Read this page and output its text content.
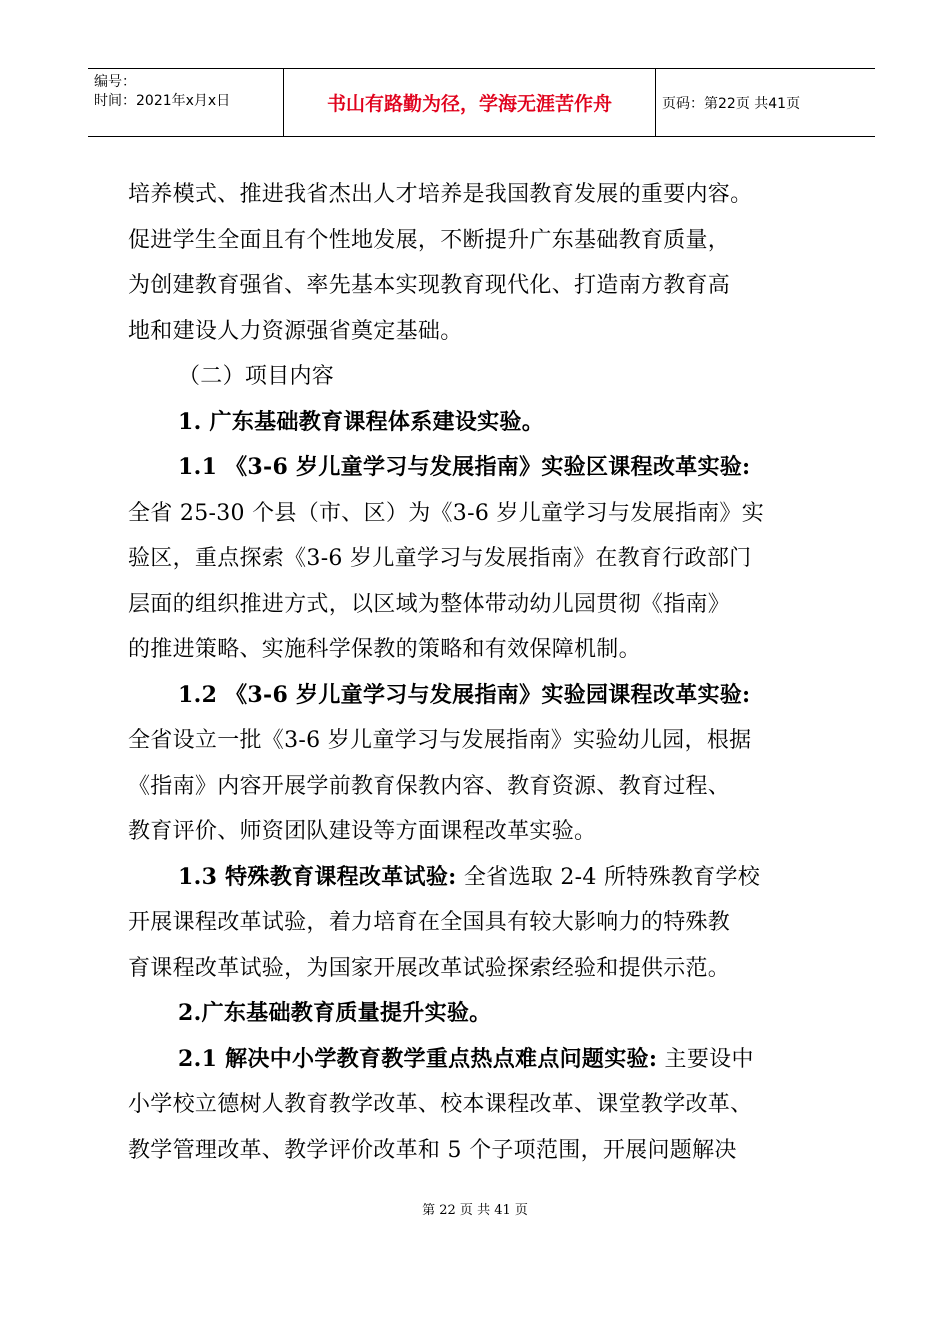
编号：
时间：2021年x月x日	书山有路勤为径，学海无涯苦作舟	页码：第22页 共41页
培养模式、推进我省杰出人才培养是我国教育发展的重要内容。
促进学生全面且有个性地发展，不断提升广东基础教育质量，
为创建教育强省、率先基本实现教育现代化、打造南方教育高
地和建设人力资源强省奠定基础。
（二）项目内容
1. 广东基础教育课程体系建设实验。
1.1 《3-6 岁儿童学习与发展指南》实验区课程改革实验:
全省 25-30 个县（市、区）为《3-6 岁儿童学习与发展指南》实
验区，重点探索《3-6 岁儿童学习与发展指南》在教育行政部门
层面的组织推进方式，以区域为整体带动幼儿园贯彻《指南》
的推进策略、实施科学保教的策略和有效保障机制。
1.2 《3-6 岁儿童学习与发展指南》实验园课程改革实验:
全省设立一批《3-6 岁儿童学习与发展指南》实验幼儿园，根据
《指南》内容开展学前教育保教内容、教育资源、教育过程、
教育评价、师资团队建设等方面课程改革实验。
1.3 特殊教育课程改革试验: 全省选取 2-4 所特殊教育学校
开展课程改革试验，着力培育在全国具有较大影响力的特殊教
育课程改革试验，为国家开展改革试验探索经验和提供示范。
2.广东基础教育质量提升实验。
2.1 解决中小学教育教学重点热点难点问题实验: 主要设中
小学校立德树人教育教学改革、校本课程改革、课堂教学改革、
教学管理改革、教学评价改革和 5 个子项范围，开展问题解决
第 22 页 共 41 页
